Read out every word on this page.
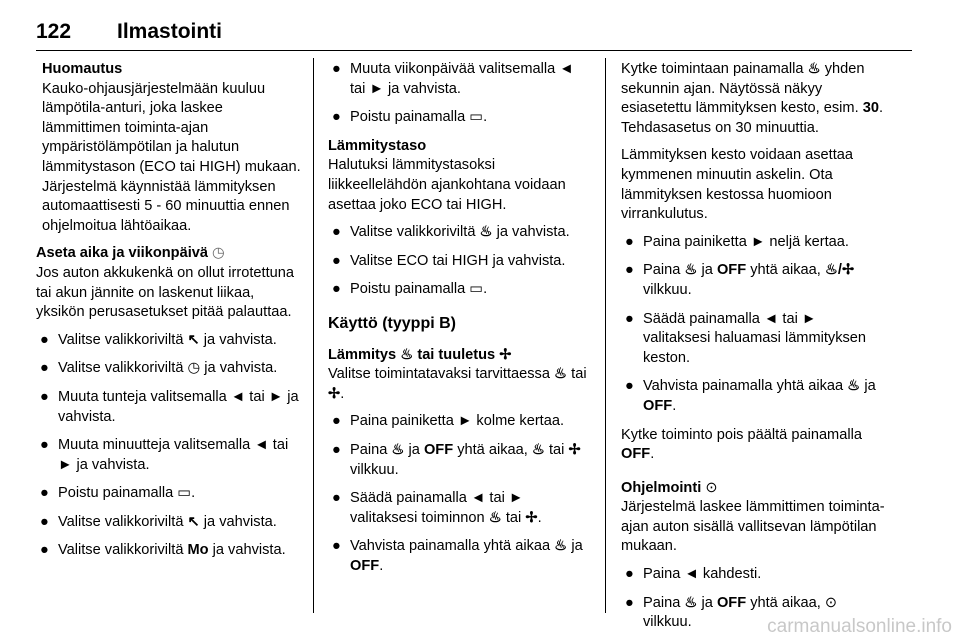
122 Ilmastointi
Huomautus
Kauko-ohjausjärjestelmään kuuluu lämpötila-anturi, joka laskee lämmittimen toiminta-ajan ympäristölämpötilan ja halutun lämmitystason (ECO tai HIGH) mukaan. Järjestelmä käynnistää lämmityksen automaattisesti 5 - 60 minuuttia ennen ohjelmoitua lähtöaikaa.
Aseta aika ja viikonpäivä ◷

Jos auton akkukenkä on ollut irrotettuna tai akun jännite on laskenut liikaa, yksikön perusasetukset pitää palauttaa.

● Valitse valikkoriviltä ↖ ja vahvista.
● Valitse valikkoriviltä ◷ ja vahvista.
● Muuta tunteja valitsemalla ◄ tai ► ja vahvista.
● Muuta minuutteja valitsemalla ◄ tai ► ja vahvista.
● Poistu painamalla ▭.
● Valitse valikkoriviltä ↖ ja vahvista.
● Valitse valikkoriviltä Mo ja vahvista.
● Muuta viikonpäivää valitsemalla ◄ tai ► ja vahvista.
● Poistu painamalla ▭.
Lämmitystaso

Halutuksi lämmitystasoksi liikkeellelähdön ajankohtana voidaan asettaa joko ECO tai HIGH.

● Valitse valikkoriviltä ♨ ja vahvista.
● Valitse ECO tai HIGH ja vahvista.
● Poistu painamalla ▭.
Käyttö (tyyppi B)
Lämmitys ♨ tai tuuletus ✢

Valitse toimintatavaksi tarvittaessa ♨ tai ✢.

● Paina painiketta ► kolme kertaa.
● Paina ♨ ja OFF yhtä aikaa, ♨ tai ✢ vilkkuu.
● Säädä painamalla ◄ tai ► valitaksesi toiminnon ♨ tai ✢.
● Vahvista painamalla yhtä aikaa ♨ ja OFF.

Kytke toimintaan painamalla ♨ yhden sekunnin ajan. Näytössä näkyy esiasetettu lämmityksen kesto, esim. 30. Tehdasasetus on 30 minuuttia.

Lämmityksen kesto voidaan asettaa kymmenen minuutin askelin. Ota lämmityksen kestossa huomioon virrankulutus.

● Paina painiketta ► neljä kertaa.
● Paina ♨ ja OFF yhtä aikaa, ♨/✢ vilkkuu.
● Säädä painamalla ◄ tai ► valitaksesi haluamasi lämmityksen keston.
● Vahvista painamalla yhtä aikaa ♨ ja OFF.

Kytke toiminto pois päältä painamalla OFF.

Ohjelmointi ⊙

Järjestelmä laskee lämmittimen toiminta-ajan auton sisällä vallitsevan lämpötilan mukaan.

● Paina ◄ kahdesti.
● Paina ♨ ja OFF yhtä aikaa, ⊙ vilkkuu.	carmanualsonline.info
